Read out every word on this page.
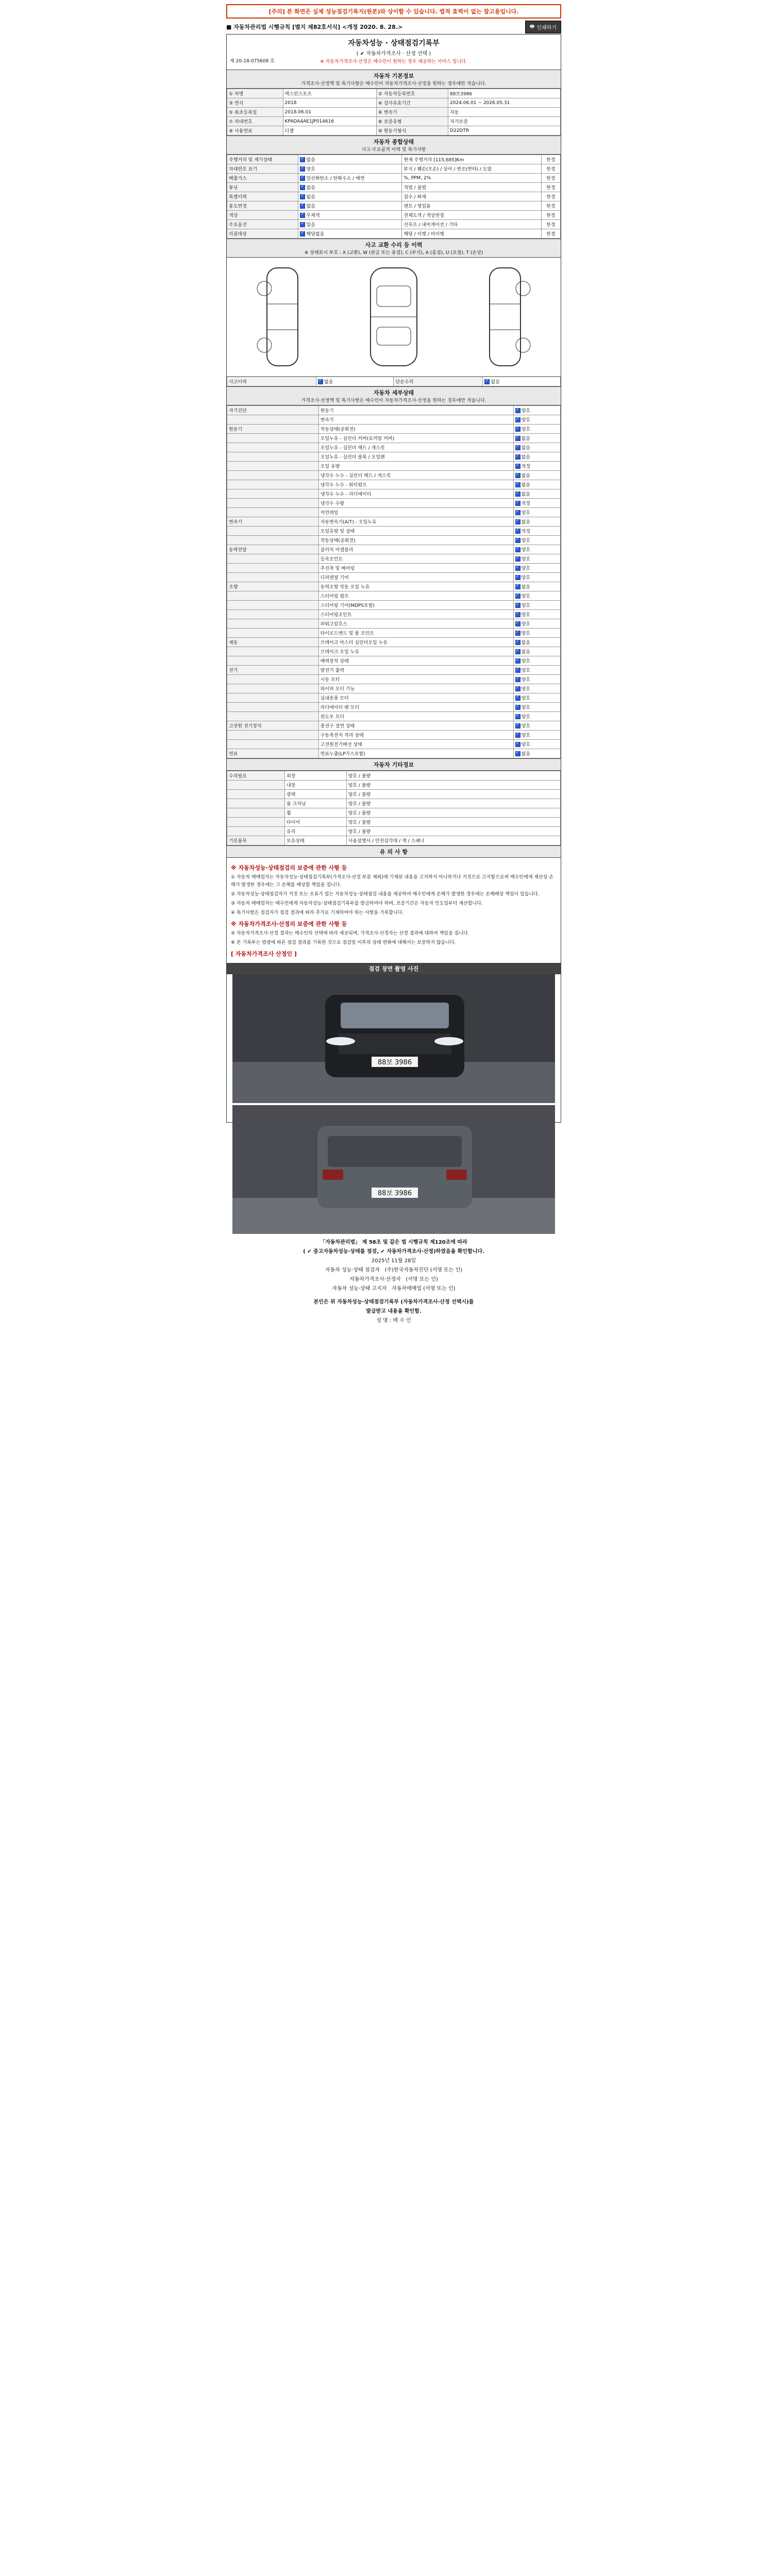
[주의] 본 화면은 실제 성능점검기록지(원본)와 상이할 수 있습니다. 법적 효력이 없는 참고용입니다.
■ 자동차관리법 시행규칙 [별지 제82호서식] <개정 2020. 8. 28.>	🖶 인쇄하기
자동차성능 · 상태점검기록부
( ✔ 자동차가격조사 · 산정 선택 )
※ 자동차가격조사·산정은 매수인이 원하는 경우 제공하는 서비스 입니다.
제 20-18-075608 호
자동차 기본정보
가격조사·산정액 및 특기사항은 매수인이 자동차가격조사·산정을 원하는 경우에만 적습니다.
① 차명	렉스턴스포츠	② 자동차등록번호	88보3986
③ 연식	2018	④ 검사유효기간	2024.06.01 ~ 2026.05.31
⑤ 최초등록일	2018.06.01	⑥ 변속기	자동
⑦ 차대번호	KPADA4AE1JP014616	⑧ 보증유형	자가보증
⑨ 사용연료	디젤	⑩ 원동기형식	D22DTR
자동차 종합상태
사고·주요골격 이력 및 특기사항
주행거리 및 계기상태	✓많음	현재 주행거리 [115,685]Km	한정
차대번호 표기	✓양호	부식 / 훼손(오손) / 상이 / 변조(변타) / 도말	한정
배출가스	✓일산화탄소 / 탄화수소 / 매연	%, PPM, 2%	한정
튜닝	✓없음	적법 / 불법	한정
특별이력	✓없음	침수 / 화재	한정
용도변경	✓없음	렌트 / 영업용	한정
색상	✓무채색	전체도색 / 색상변경	한정
주요옵션	✓있음	선루프 / 내비게이션 / 기타	한정
리콜대상	✓해당없음	해당 / 이행 / 미이행	한정
사고 교환 수리 등 이력
※ 상태표시 부호 : X (교환), W (판금 또는 용접), C (부식), A (흠집), U (요철), T (손상)
사고이력	✓없음	단순수리	✓없음
자동차 세부상태
가격조사·산정액 및 특기사항은 매수인이 자동차가격조사·산정을 원하는 경우에만 적습니다.
자기진단	원동기	✓양호
	변속기	✓양호
원동기	작동상태(공회전)	✓양호
	오일누유 - 실린더 커버(로커암 커버)	✓없음
	오일누유 - 실린더 헤드 / 개스킷	✓없음
	오일누유 - 실린더 블록 / 오일팬	✓없음
	오일 유량	✓적정
	냉각수 누수 - 실린더 헤드 / 개스킷	✓없음
	냉각수 누수 - 워터펌프	✓없음
	냉각수 누수 - 라디에이터	✓없음
	냉각수 수량	✓적정
	커먼레일	✓양호
변속기	자동변속기(A/T) - 오일누유	✓없음
	오일유량 및 상태	✓적정
	작동상태(공회전)	✓양호
동력전달	클러치 어셈블리	✓양호
	등속조인트	✓양호
	추진축 및 베어링	✓양호
	디퍼렌셜 기어	✓양호
조향	동력조향 작동 오일 누유	✓없음
	스티어링 펌프	✓양호
	스티어링 기어(MDPS포함)	✓양호
	스티어링조인트	✓양호
	파워고압호스	✓양호
	타이로드엔드 및 볼 조인트	✓양호
제동	브레이크 마스터 실린더오일 누유	✓없음
	브레이크 오일 누유	✓없음
	배력장치 상태	✓양호
전기	발전기 출력	✓양호
	시동 모터	✓양호
	와이퍼 모터 기능	✓양호
	실내송풍 모터	✓양호
	라디에이터 팬 모터	✓양호
	윈도우 모터	✓양호
고전원 전기장치	충전구 절연 상태	✓양호
	구동축전지 격리 상태	✓양호
	고전원전기배선 상태	✓양호
연료	연료누출(LP가스포함)	✓없음
자동차 기타정보
수리필요	외장	양호 / 불량
	내장	양호 / 불량
	광택	양호 / 불량
	룸 크리닝	양호 / 불량
	휠	양호 / 불량
	타이어	양호 / 불량
	유리	양호 / 불량
기본품목	보유상태	사용설명서 / 안전삼각대 / 잭 / 스패너
유 의 사 항
※ 자동차성능·상태점검의 보증에 관한 사항 등

① 자동차 매매업자는 자동차성능·상태점검기록부(가격조사·산정 부분 제외)에 기재된 내용을 고지하지 아니하거나 거짓으로 고지함으로써 매수인에게 재산상 손해가 발생한 경우에는 그 손해를 배상할 책임을 집니다.

② 자동차성능·상태점검자가 거짓 또는 오류가 있는 자동차성능·상태점검 내용을 제공하여 매수인에게 손해가 발생한 경우에는 손해배상 책임이 있습니다.

③ 자동차 매매업자는 매수인에게 자동차성능·상태점검기록부를 발급하여야 하며, 보증기간은 자동차 인도일부터 계산합니다.

④ 특기사항은 점검자가 점검 결과에 따라 추가로 기재하여야 하는 사항을 기록합니다.

※ 자동차가격조사·산정의 보증에 관한 사항 등

⑤ 자동차가격조사·산정 결과는 매수인의 선택에 따라 제공되며, 가격조사·산정자는 산정 결과에 대하여 책임을 집니다.

⑥ 본 기록부는 법령에 따른 점검 결과를 기록한 것으로 점검일 이후의 상태 변화에 대해서는 보증하지 않습니다.

[ 자동차가격조사 산정인 ]
점검 장면 촬영 사진
88보 3986
88보 3986
「자동차관리법」 제 58조 및 같은 법 시행규칙 제120조에 따라
( ✔ 중고자동차성능·상태를 점검, ✔ 자동차가격조사·산정)하였음을 확인합니다.
2025년 11월 28일
자동차 성능·상태 점검자 (주)한국자동차진단 (서명 또는 인)
자동차가격조사·산정자 (서명 또는 인)
자동차 성능·상태 고지자 자동차매매업 (서명 또는 인)
본인은 위 자동차성능·상태점검기록부 (자동차가격조사·산정 선택시)를
발급받고 내용을 확인함.
성 명 : 매 수 인
